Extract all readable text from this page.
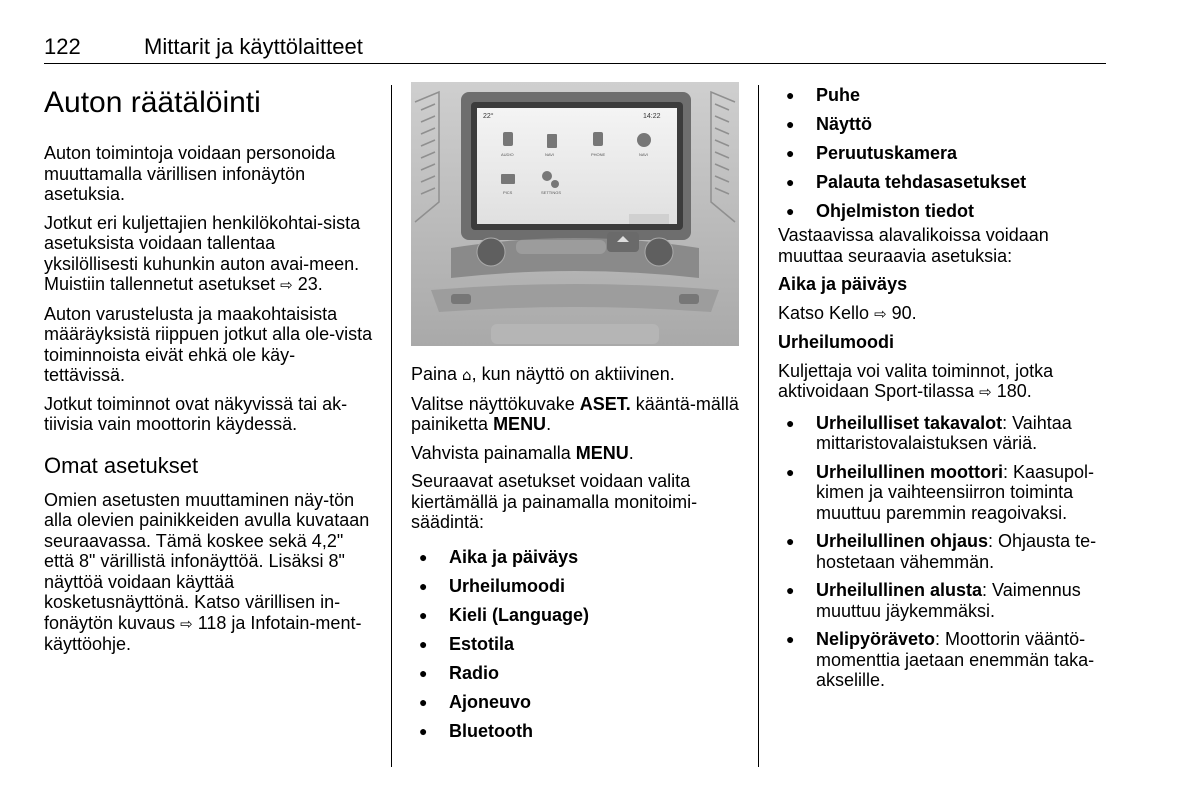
122	Mittarit ja käyttölaitteet
Auton räätälöinti

Auton toimintoja voidaan personoida muuttamalla värillisen infonäytön asetuksia.

Jotkut eri kuljettajien henkilökohtai-sista asetuksista voidaan tallentaa yksilöllisesti kuhunkin auton avai-meen. Muistiin tallennetut asetukset ⇨ 23.

Auton varustelusta ja maakohtaisista määräyksistä riippuen jotkut alla ole-vista toiminnoista eivät ehkä ole käy-tettävissä.

Jotkut toiminnot ovat näkyvissä tai ak-tiivisia vain moottorin käydessä.

Omat asetukset

Omien asetusten muuttaminen näy-tön alla olevien painikkeiden avulla kuvataan seuraavassa. Tämä koskee sekä 4,2" että 8" värillistä infonäyttöä. Lisäksi 8" näyttöä voidaan käyttää kosketusnäyttönä. Katso värillisen in-fonäytön kuvaus ⇨ 118 ja Infotain-ment-käyttöohje.

22°	14:22
AUDIO	NAVI	PHONE	NAVI
PICS	SETTINGS

Paina ⌂, kun näyttö on aktiivinen.

Valitse näyttökuvake ASET. kääntä-mällä painiketta MENU.

Vahvista painamalla MENU.

Seuraavat asetukset voidaan valita kiertämällä ja painamalla monitoimi-säädintä:

● Aika ja päiväys
● Urheilumoodi
● Kieli (Language)
● Estotila
● Radio
● Ajoneuvo
● Bluetooth
● Puhe
● Näyttö
● Peruutuskamera
● Palauta tehdasasetukset
● Ohjelmiston tiedot

Vastaavissa alavalikoissa voidaan muuttaa seuraavia asetuksia:

Aika ja päiväys

Katso Kello ⇨ 90.

Urheilumoodi

Kuljettaja voi valita toiminnot, jotka aktivoidaan Sport-tilassa ⇨ 180.

● Urheilulliset takavalot: Vaihtaa mittaristovalaistuksen väriä.
● Urheilullinen moottori: Kaasupol-kimen ja vaihteensiirron toiminta muuttuu paremmin reagoivaksi.
● Urheilullinen ohjaus: Ohjausta te-hostetaan vähemmän.
● Urheilullinen alusta: Vaimennus muuttuu jäykemmäksi.
● Nelipyöräveto: Moottorin vääntö-momenttia jaetaan enemmän taka-akselille.
